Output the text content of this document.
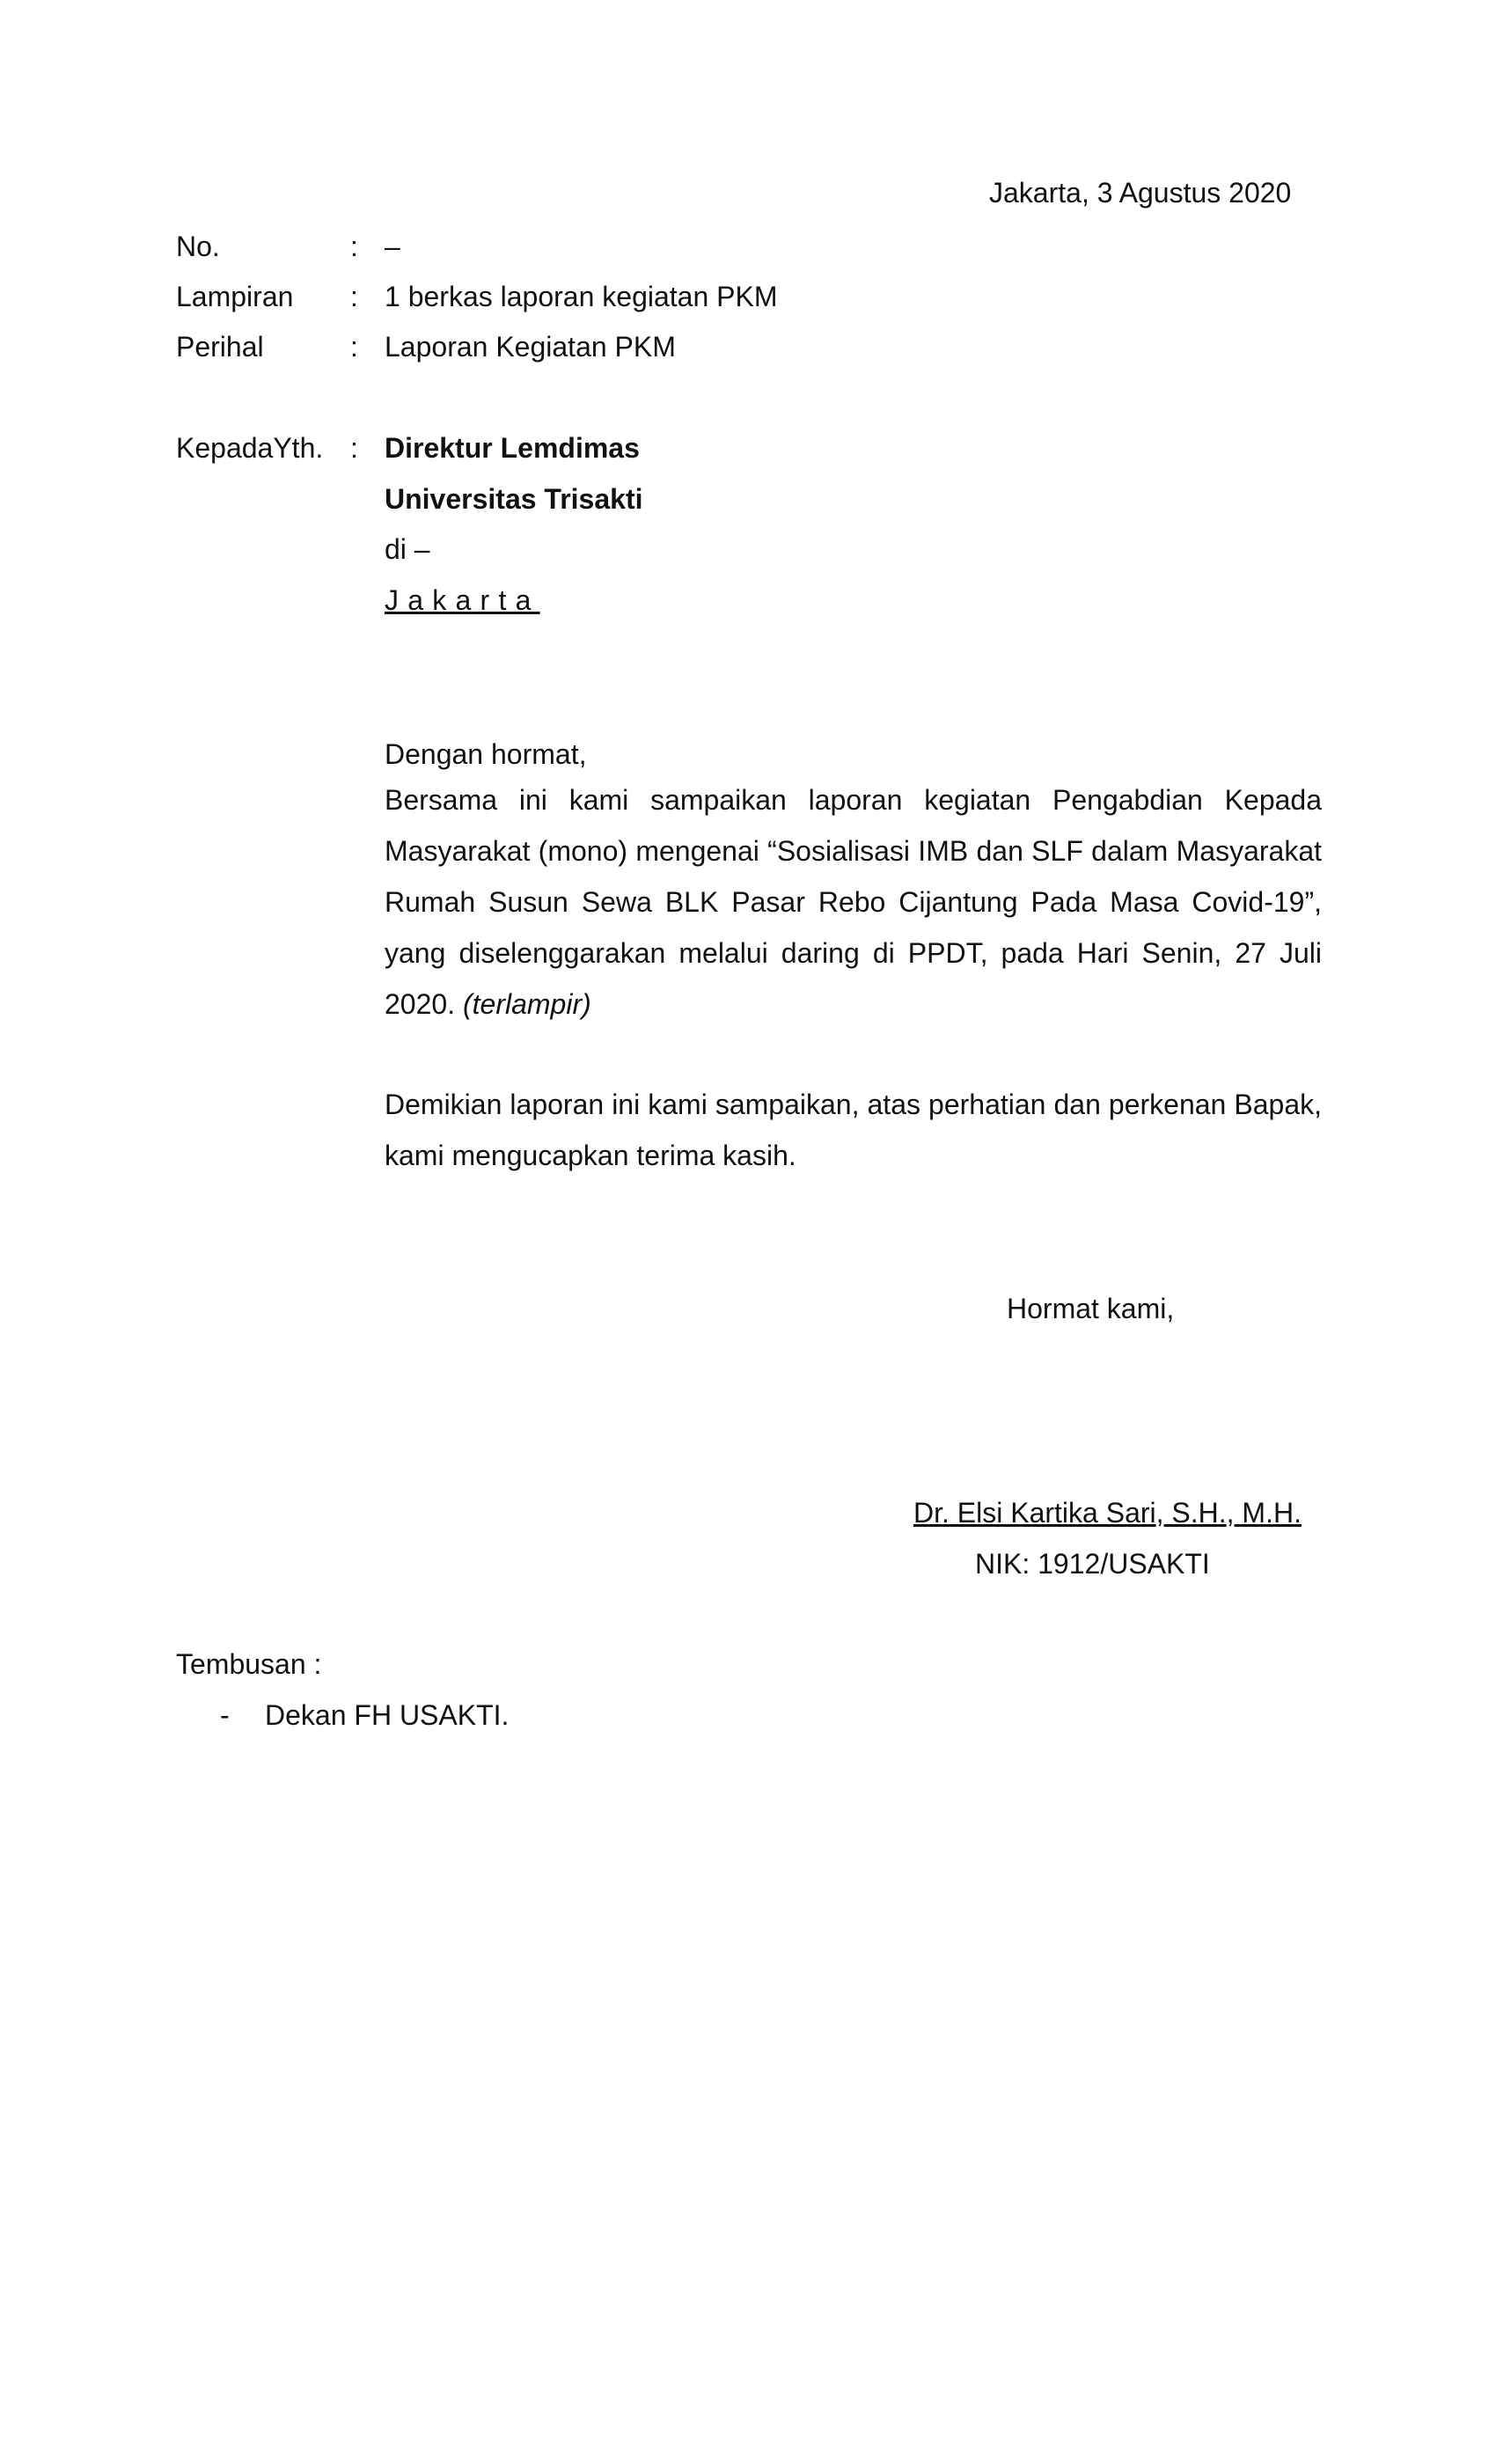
Jakarta, 3 Agustus 2020
No.	: –
Lampiran : 1 berkas laporan kegiatan PKM
Perihal	: Laporan Kegiatan PKM
KepadaYth. : Direktur Lemdimas
Universitas Trisakti
di –
Jakarta
Dengan hormat,
Bersama ini kami sampaikan laporan kegiatan Pengabdian Kepada Masyarakat (mono) mengenai “Sosialisasi IMB dan SLF dalam Masyarakat Rumah Susun Sewa BLK Pasar Rebo Cijantung Pada Masa Covid-19”, yang diselenggarakan melalui daring di PPDT, pada Hari Senin, 27 Juli 2020. (terlampir)
Demikian laporan ini kami sampaikan, atas perhatian dan perkenan Bapak, kami mengucapkan terima kasih.
Hormat kami,
Dr. Elsi Kartika Sari, S.H., M.H.
NIK: 1912/USAKTI
Tembusan :
- Dekan FH USAKTI.
